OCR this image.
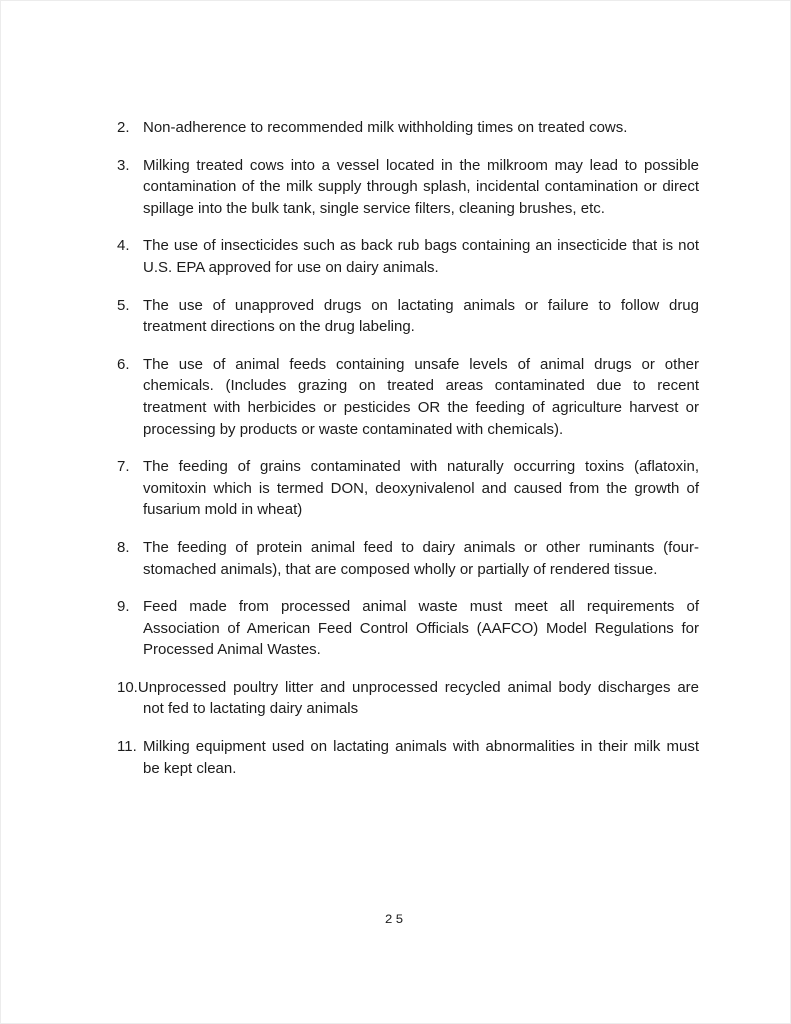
2. Non-adherence to recommended milk withholding times on treated cows.

3. Milking treated cows into a vessel located in the milkroom may lead to possible contamination of the milk supply through splash, incidental contamination or direct spillage into the bulk tank, single service filters, cleaning brushes, etc.

4. The use of insecticides such as back rub bags containing an insecticide that is not U.S. EPA approved for use on dairy animals.

5. The use of unapproved drugs on lactating animals or failure to follow drug treatment directions on the drug labeling.

6. The use of animal feeds containing unsafe levels of animal drugs or other chemicals. (Includes grazing on treated areas contaminated due to recent treatment with herbicides or pesticides OR the feeding of agriculture harvest or processing by products or waste contaminated with chemicals).

7. The feeding of grains contaminated with naturally occurring toxins (aflatoxin, vomitoxin which is termed DON, deoxynivalenol and caused from the growth of fusarium mold in wheat)

8. The feeding of protein animal feed to dairy animals or other ruminants (four-stomached animals), that are composed wholly or partially of rendered tissue.

9. Feed made from processed animal waste must meet all requirements of Association of American Feed Control Officials (AAFCO) Model Regulations for Processed Animal Wastes.

10.Unprocessed poultry litter and unprocessed recycled animal body discharges are not fed to lactating dairy animals

11. Milking equipment used on lactating animals with abnormalities in their milk must be kept clean.

25
